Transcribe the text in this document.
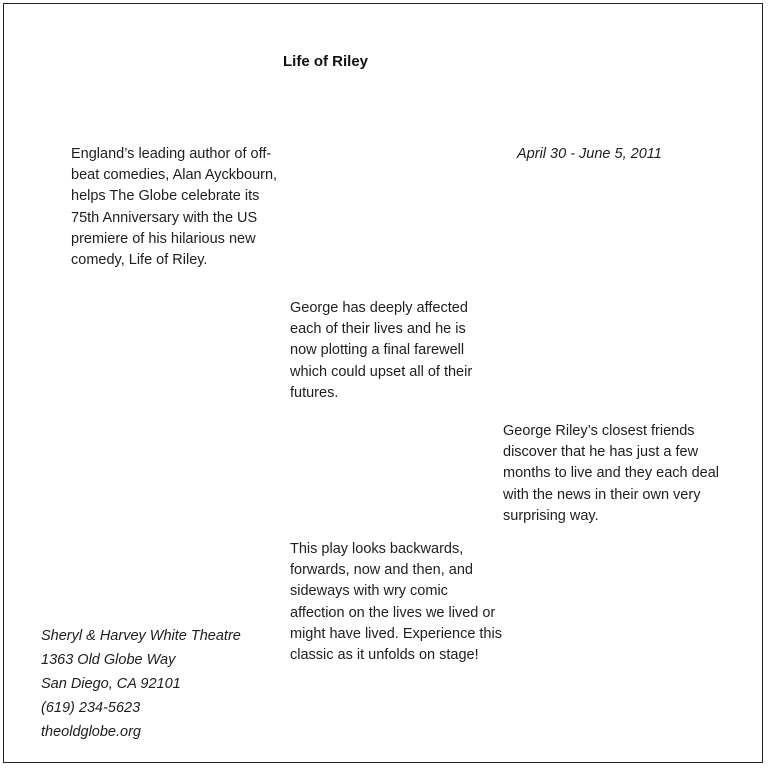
Life of Riley

England’s leading author of off-beat comedies, Alan Ayckbourn, helps The Globe celebrate its 75th Anniversary with the US premiere of his hilarious new comedy, Life of Riley.

April 30 - June 5, 2011

George has deeply affected each of their lives and he is now plotting a final farewell which could upset all of their futures.

George Riley’s closest friends discover that he has just a few months to live and they each deal with the news in their own very surprising way.

This play looks backwards, forwards, now and then, and sideways with wry comic affection on the lives we lived or might have lived. Experience this classic as it unfolds on stage!

Sheryl & Harvey White Theatre
1363 Old Globe Way
San Diego, CA 92101
(619) 234-5623
theoldglobe.org
